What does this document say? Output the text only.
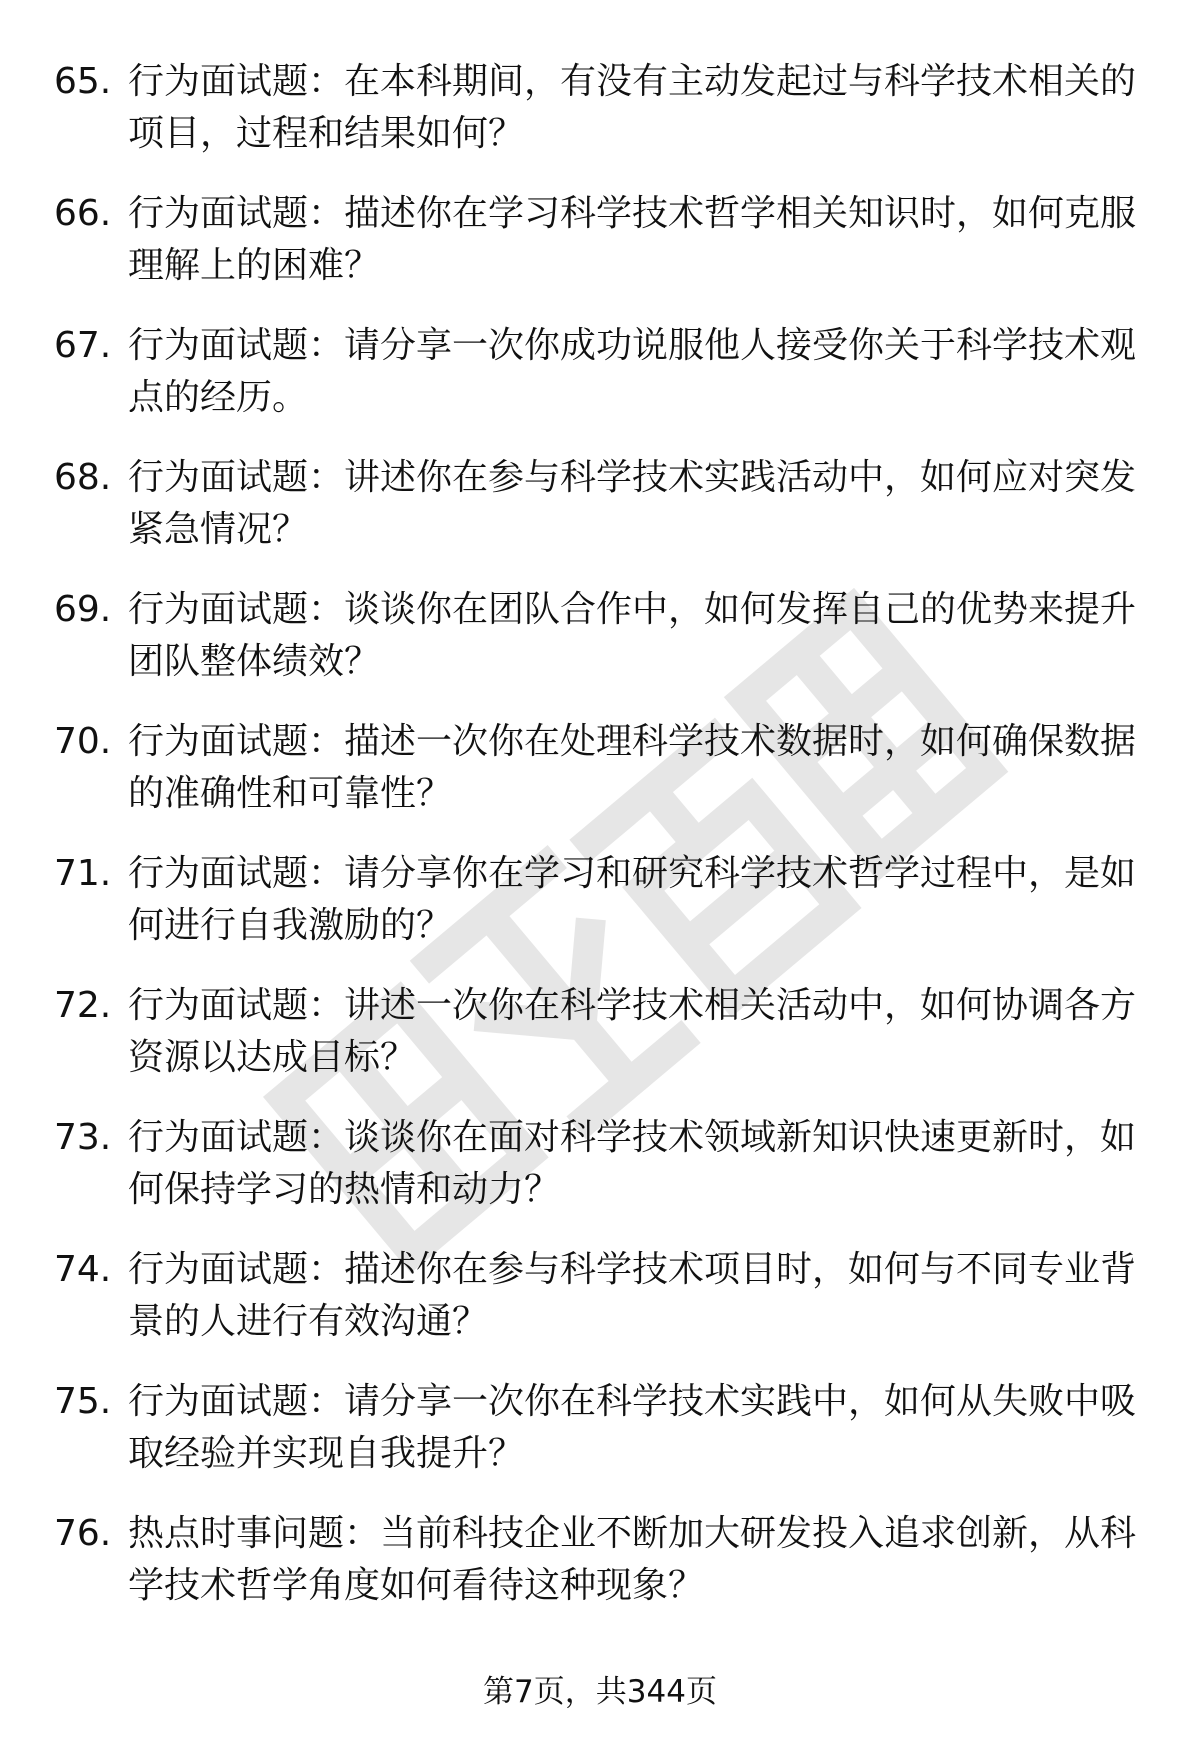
65. 行为面试题：在本科期间，有没有主动发起过与科学技术相关的项目，过程和结果如何？
66. 行为面试题：描述你在学习科学技术哲学相关知识时，如何克服理解上的困难？
67. 行为面试题：请分享一次你成功说服他人接受你关于科学技术观点的经历。
68. 行为面试题：讲述你在参与科学技术实践活动中，如何应对突发紧急情况？
69. 行为面试题：谈谈你在团队合作中，如何发挥自己的优势来提升团队整体绩效？
70. 行为面试题：描述一次你在处理科学技术数据时，如何确保数据的准确性和可靠性？
71. 行为面试题：请分享你在学习和研究科学技术哲学过程中，是如何进行自我激励的？
72. 行为面试题：讲述一次你在科学技术相关活动中，如何协调各方资源以达成目标？
73. 行为面试题：谈谈你在面对科学技术领域新知识快速更新时，如何保持学习的热情和动力？
74. 行为面试题：描述你在参与科学技术项目时，如何与不同专业背景的人进行有效沟通？
75. 行为面试题：请分享一次你在科学技术实践中，如何从失败中吸取经验并实现自我提升？
76. 热点时事问题：当前科技企业不断加大研发投入追求创新，从科学技术哲学角度如何看待这种现象？
第7页，共344页
